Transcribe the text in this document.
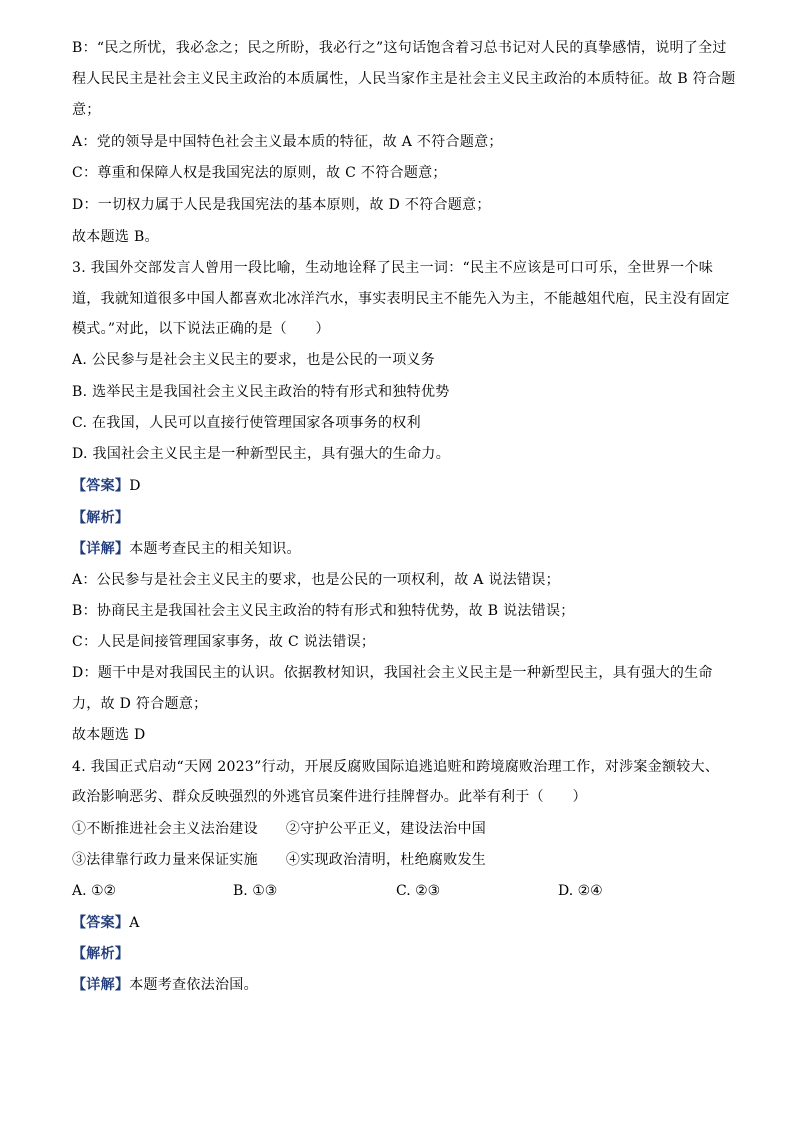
B：“民之所忧，我必念之；民之所盼，我必行之”这句话饱含着习总书记对人民的真挚感情，说明了全过
程人民民主是社会主义民主政治的本质属性，人民当家作主是社会主义民主政治的本质特征。故 B 符合题
意；
A：党的领导是中国特色社会主义最本质的特征，故 A 不符合题意；
C：尊重和保障人权是我国宪法的原则，故 C 不符合题意；
D：一切权力属于人民是我国宪法的基本原则，故 D 不符合题意；
故本题选 B。
3. 我国外交部发言人曾用一段比喻，生动地诠释了民主一词：“民主不应该是可口可乐，全世界一个味
道，我就知道很多中国人都喜欢北冰洋汽水，事实表明民主不能先入为主，不能越俎代庖，民主没有固定
模式。”对此，以下说法正确的是（　　）
A. 公民参与是社会主义民主的要求，也是公民的一项义务
B. 选举民主是我国社会主义民主政治的特有形式和独特优势
C. 在我国，人民可以直接行使管理国家各项事务的权利
D. 我国社会主义民主是一种新型民主，具有强大的生命力。
【答案】D
【解析】
【详解】本题考查民主的相关知识。
A：公民参与是社会主义民主的要求，也是公民的一项权利，故 A 说法错误；
B：协商民主是我国社会主义民主政治的特有形式和独特优势，故 B 说法错误；
C：人民是间接管理国家事务，故 C 说法错误；
D：题干中是对我国民主的认识。依据教材知识，我国社会主义民主是一种新型民主，具有强大的生命
力，故 D 符合题意；
故本题选 D
4. 我国正式启动“天网 2023”行动，开展反腐败国际追逃追赃和跨境腐败治理工作，对涉案金额较大、
政治影响恶劣、群众反映强烈的外逃官员案件进行挂牌督办。此举有利于（　　）
①不断推进社会主义法治建设 ②守护公平正义，建设法治中国
③法律靠行政力量来保证实施 ④实现政治清明，杜绝腐败发生
A. ①②	B. ①③	C. ②③	D. ②④
【答案】A
【解析】
【详解】本题考查依法治国。
